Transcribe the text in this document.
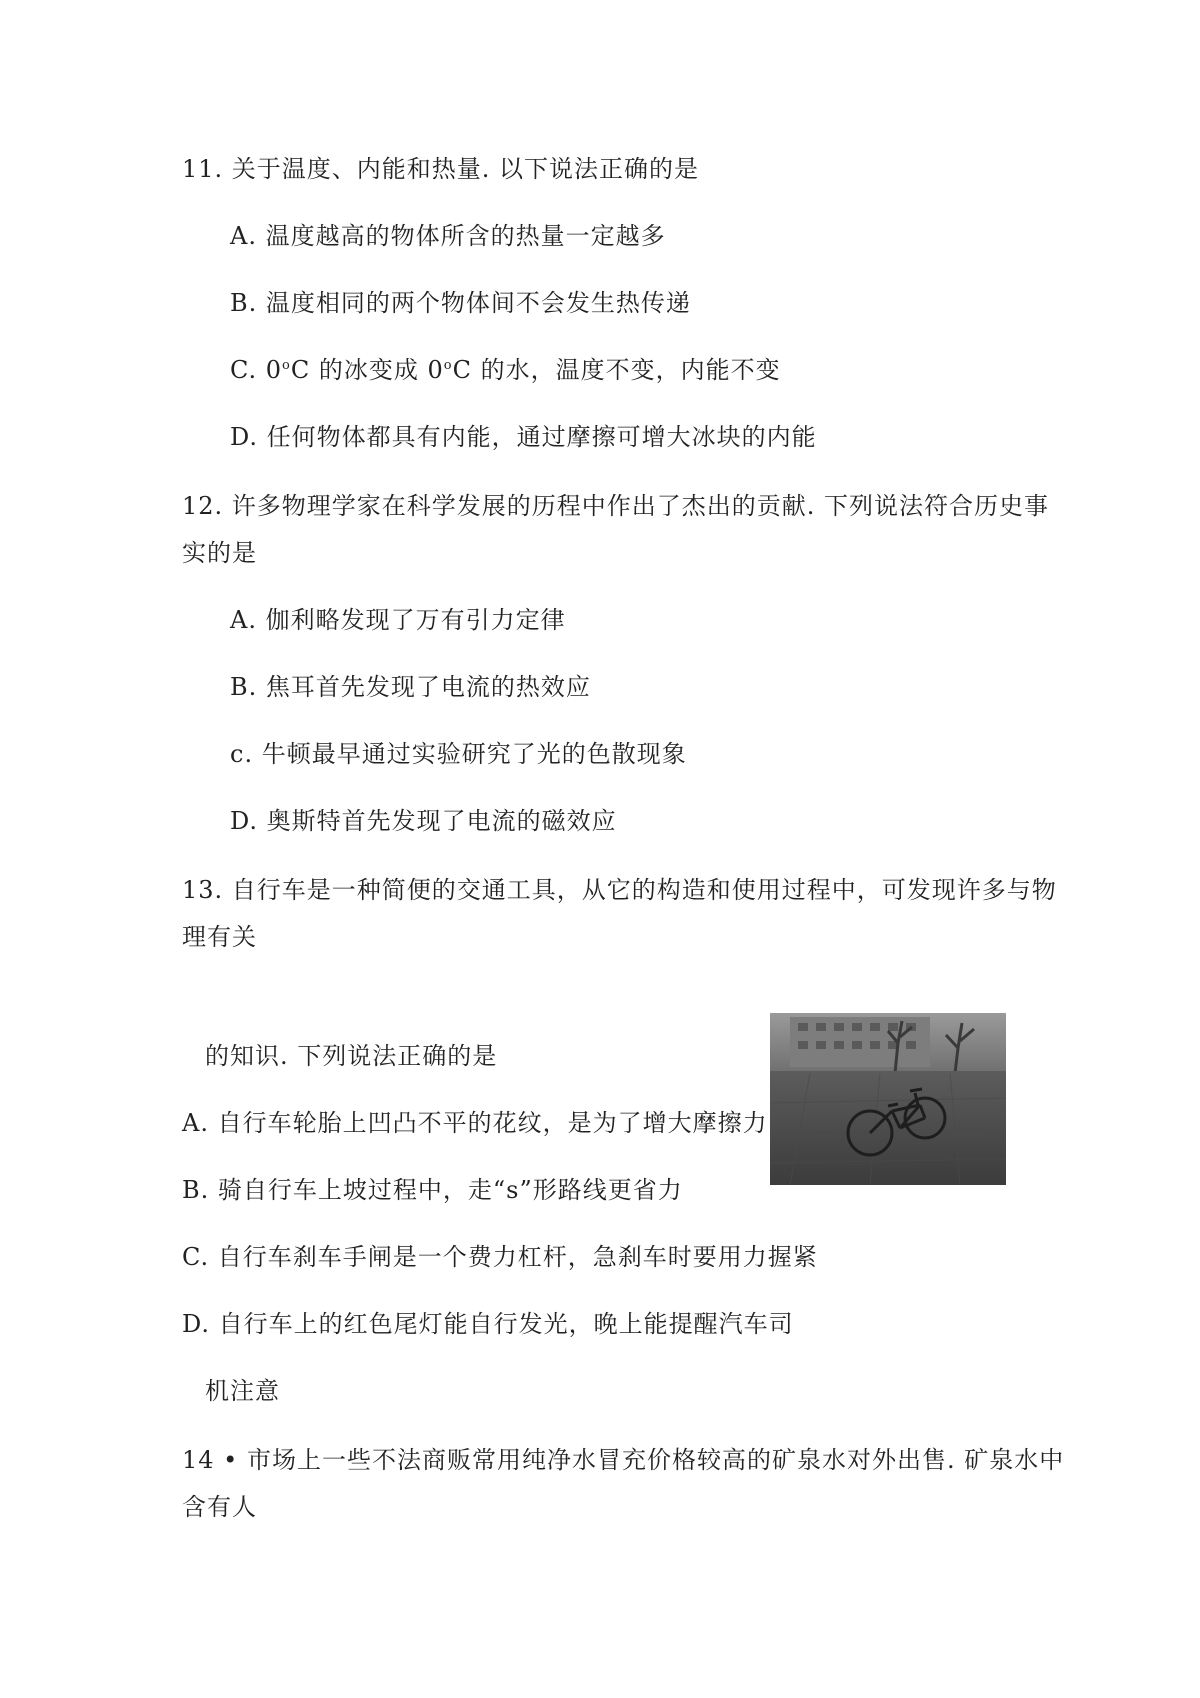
11. 关于温度、内能和热量. 以下说法正确的是
A. 温度越高的物体所含的热量一定越多
B. 温度相同的两个物体间不会发生热传递
C. 0$^o$C 的冰变成 0$^o$C 的水，温度不变，内能不变
D. 任何物体都具有内能，通过摩擦可增大冰块的内能
12. 许多物理学家在科学发展的历程中作出了杰出的贡献. 下列说法符合历史事
实的是
A. 伽利略发现了万有引力定律
B. 焦耳首先发现了电流的热效应
c. 牛顿最早通过实验研究了光的色散现象
D. 奥斯特首先发现了电流的磁效应
13. 自行车是一种简便的交通工具，从它的构造和使用过程中，可发现许多与物
理有关
的知识. 下列说法正确的是
A. 自行车轮胎上凹凸不平的花纹，是为了增大摩擦力
B. 骑自行车上坡过程中，走“s”形路线更省力
C. 自行车刹车手闸是一个费力杠杆，急刹车时要用力握紧
D. 自行车上的红色尾灯能自行发光，晚上能提醒汽车司
机注意
14 • 市场上一些不法商贩常用纯净水冒充价格较高的矿泉水对外出售. 矿泉水中
含有人
